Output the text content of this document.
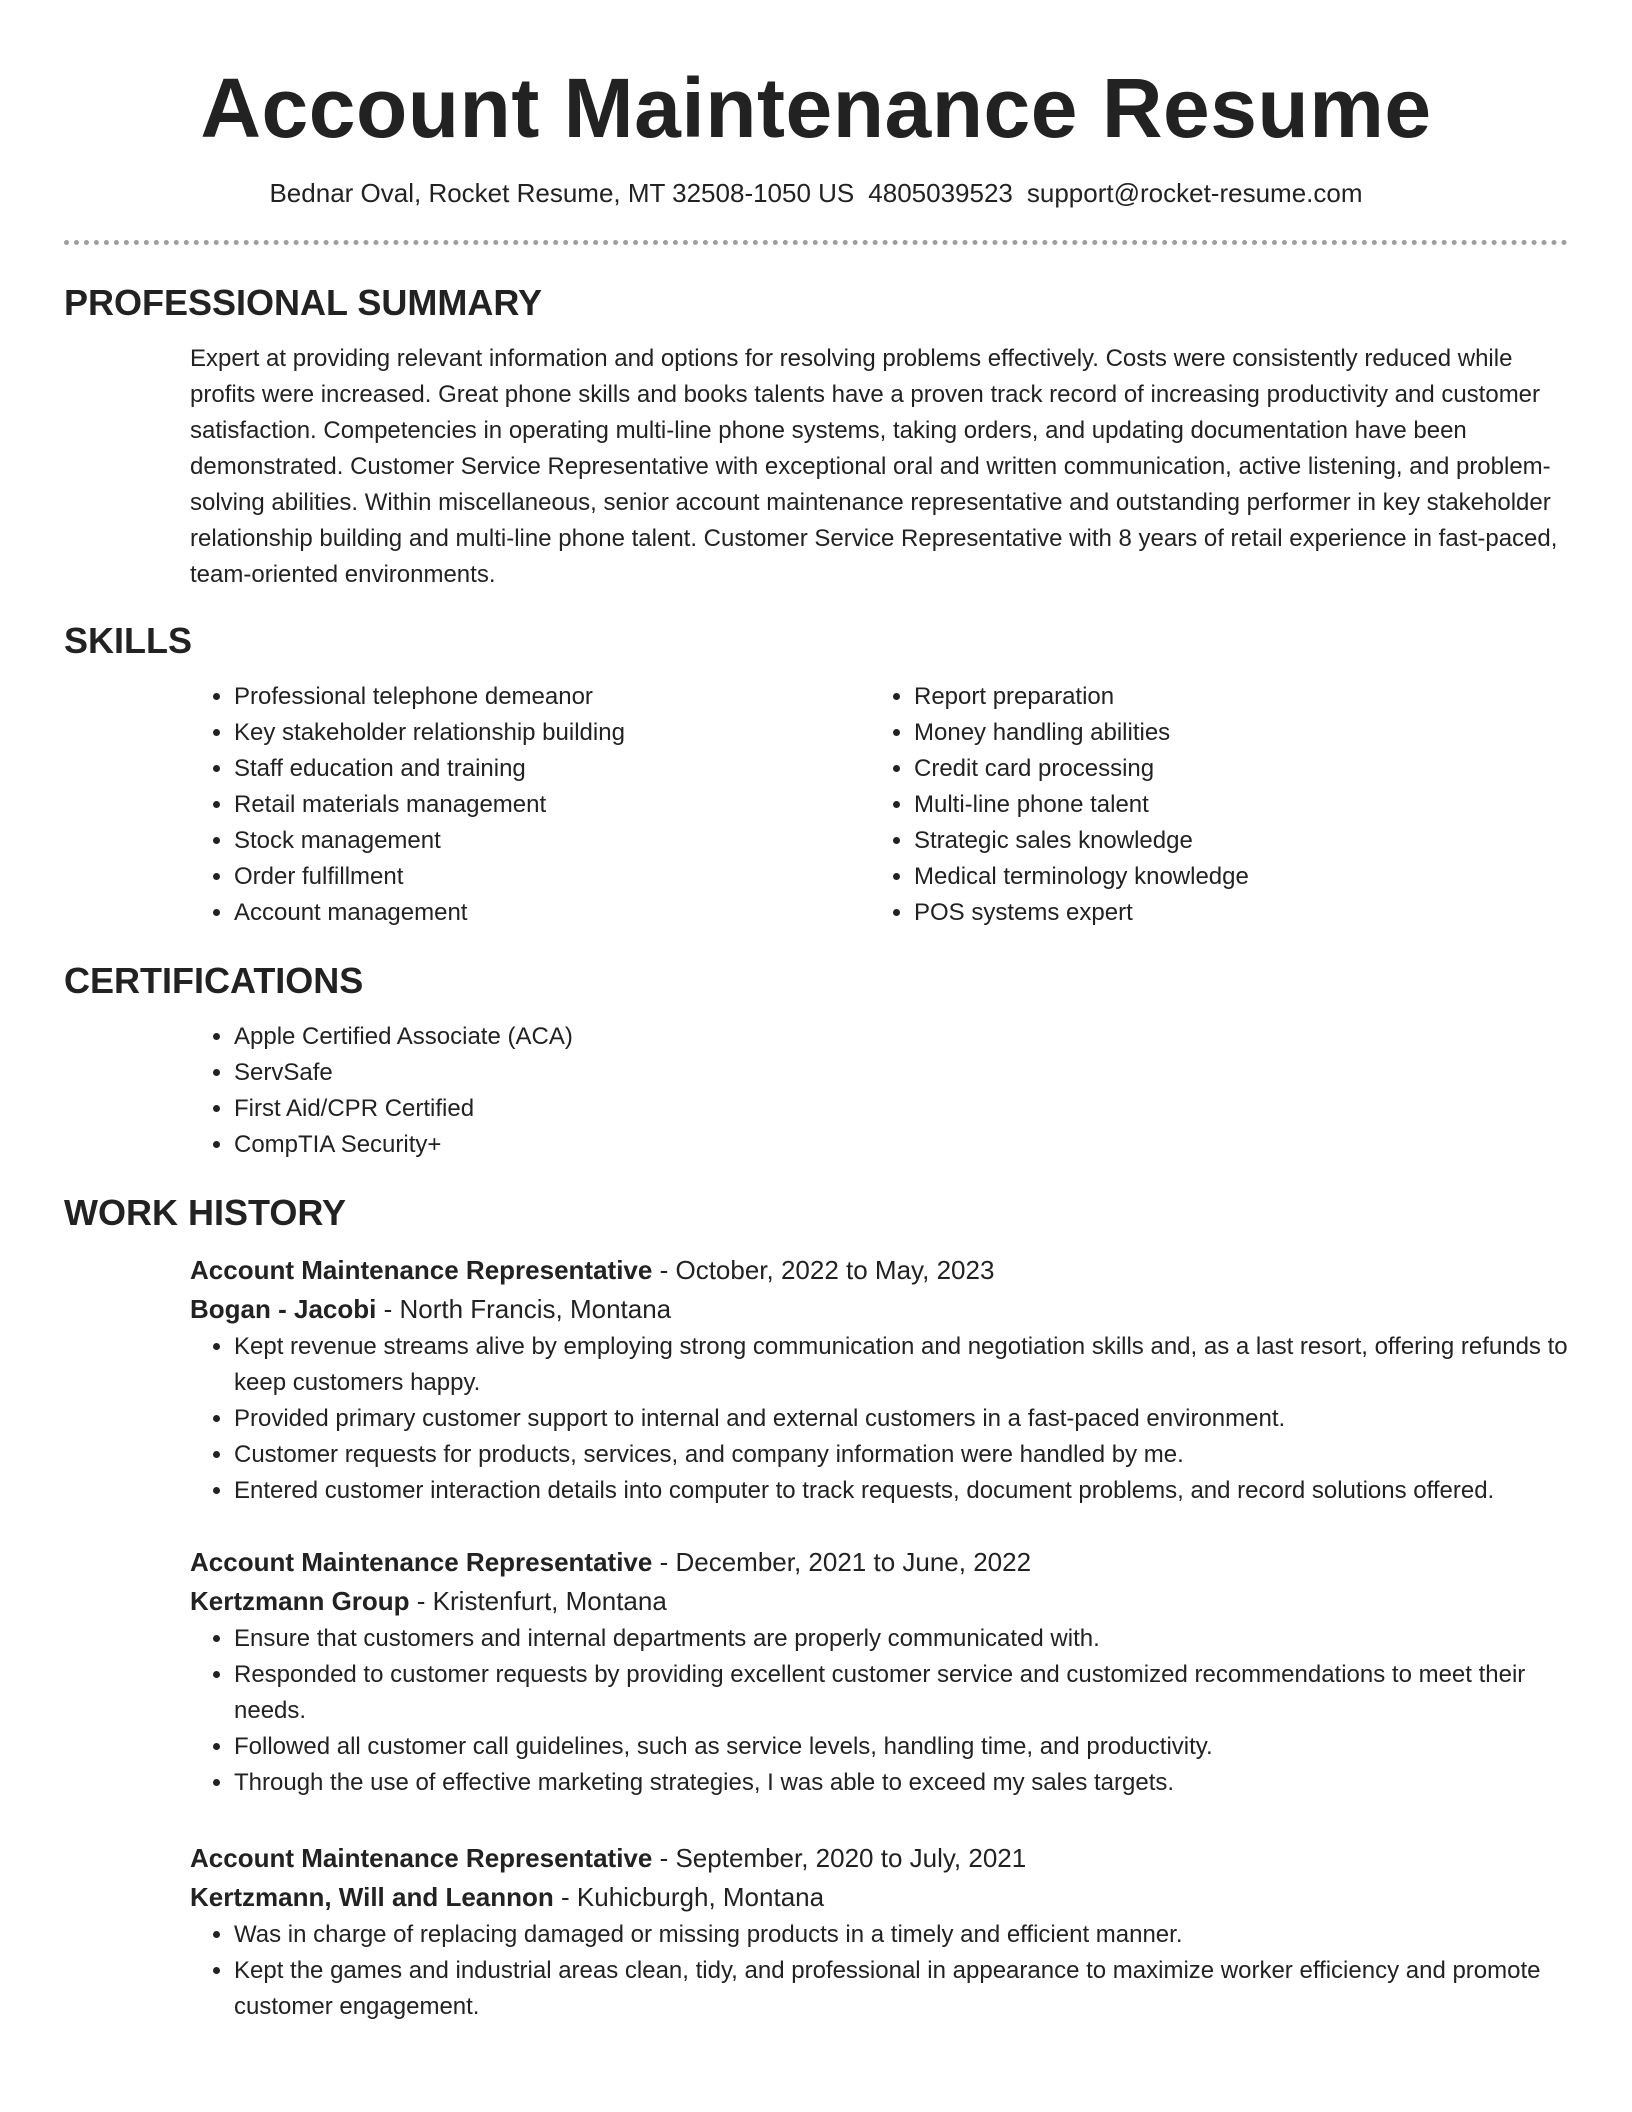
Account Maintenance Resume
Bednar Oval, Rocket Resume, MT 32508-1050 US 4805039523 support@rocket-resume.com
PROFESSIONAL SUMMARY

Expert at providing relevant information and options for resolving problems effectively. Costs were consistently reduced while profits were increased. Great phone skills and books talents have a proven track record of increasing productivity and customer satisfaction. Competencies in operating multi-line phone systems, taking orders, and updating documentation have been demonstrated. Customer Service Representative with exceptional oral and written communication, active listening, and problem-solving abilities. Within miscellaneous, senior account maintenance representative and outstanding performer in key stakeholder relationship building and multi-line phone talent. Customer Service Representative with 8 years of retail experience in fast-paced, team-oriented environments.

SKILLS
• Professional telephone demeanor
• Key stakeholder relationship building
• Staff education and training
• Retail materials management
• Stock management
• Order fulfillment
• Account management
• Report preparation
• Money handling abilities
• Credit card processing
• Multi-line phone talent
• Strategic sales knowledge
• Medical terminology knowledge
• POS systems expert
CERTIFICATIONS
• Apple Certified Associate (ACA)
• ServSafe
• First Aid/CPR Certified
• CompTIA Security+
WORK HISTORY
Account Maintenance Representative - October, 2022 to May, 2023
Bogan - Jacobi - North Francis, Montana
• Kept revenue streams alive by employing strong communication and negotiation skills and, as a last resort, offering refunds to keep customers happy.
• Provided primary customer support to internal and external customers in a fast-paced environment.
• Customer requests for products, services, and company information were handled by me.
• Entered customer interaction details into computer to track requests, document problems, and record solutions offered.
Account Maintenance Representative - December, 2021 to June, 2022
Kertzmann Group - Kristenfurt, Montana
• Ensure that customers and internal departments are properly communicated with.
• Responded to customer requests by providing excellent customer service and customized recommendations to meet their needs.
• Followed all customer call guidelines, such as service levels, handling time, and productivity.
• Through the use of effective marketing strategies, I was able to exceed my sales targets.
Account Maintenance Representative - September, 2020 to July, 2021
Kertzmann, Will and Leannon - Kuhicburgh, Montana
• Was in charge of replacing damaged or missing products in a timely and efficient manner.
• Kept the games and industrial areas clean, tidy, and professional in appearance to maximize worker efficiency and promote customer engagement.
